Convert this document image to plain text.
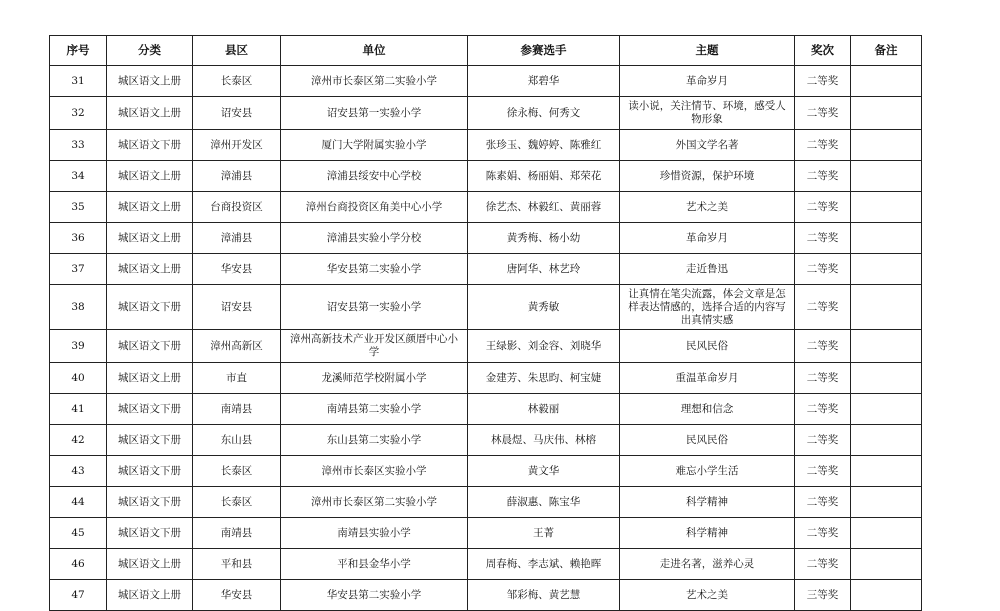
序号	分类	县区	单位	参赛选手	主题	奖次	备注
31	城区语文上册	长泰区	漳州市长泰区第二实验小学	郑碧华	革命岁月	二等奖	
32	城区语文上册	诏安县	诏安县第一实验小学	徐永梅、何秀文	读小说，关注情节、环境，感受人物形象	二等奖	
33	城区语文下册	漳州开发区	厦门大学附属实验小学	张珍玉、魏婷婷、陈雅红	外国文学名著	二等奖	
34	城区语文上册	漳浦县	漳浦县绥安中心学校	陈素娟、杨丽娟、郑荣花	珍惜资源，保护环境	二等奖	
35	城区语文上册	台商投资区	漳州台商投资区角美中心小学	徐艺杰、林毅红、黄丽蓉	艺术之美	二等奖	
36	城区语文上册	漳浦县	漳浦县实验小学分校	黄秀梅、杨小幼	革命岁月	二等奖	
37	城区语文上册	华安县	华安县第二实验小学	唐阿华、林艺玲	走近鲁迅	二等奖	
38	城区语文下册	诏安县	诏安县第一实验小学	黄秀敏	让真情在笔尖流露，体会文章是怎样表达情感的，选择合适的内容写出真情实感	二等奖	
39	城区语文下册	漳州高新区	漳州高新技术产业开发区颜厝中心小学	王绿影、刘金容、刘晓华	民风民俗	二等奖	
40	城区语文上册	市直	龙溪师范学校附属小学	金建芳、朱思昀、柯宝婕	重温革命岁月	二等奖	
41	城区语文下册	南靖县	南靖县第二实验小学	林毅丽	理想和信念	二等奖	
42	城区语文下册	东山县	东山县第二实验小学	林晨煜、马庆伟、林榕	民风民俗	二等奖	
43	城区语文下册	长泰区	漳州市长泰区实验小学	黄文华	难忘小学生活	二等奖	
44	城区语文下册	长泰区	漳州市长泰区第二实验小学	薛淑惠、陈宝华	科学精神	二等奖	
45	城区语文下册	南靖县	南靖县实验小学	王菁	科学精神	二等奖	
46	城区语文上册	平和县	平和县金华小学	周春梅、李志斌、赖艳晖	走进名著，滋养心灵	二等奖	
47	城区语文上册	华安县	华安县第二实验小学	邹彩梅、黄艺慧	艺术之美	三等奖	
